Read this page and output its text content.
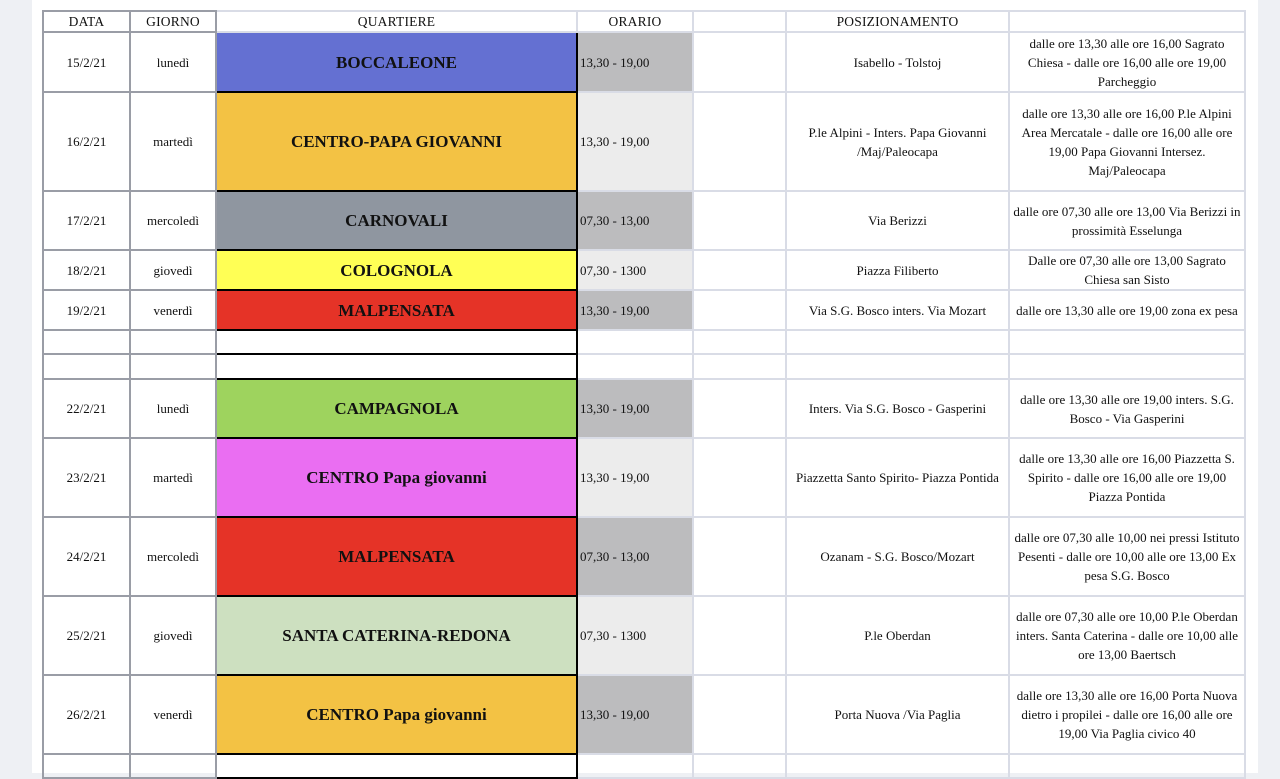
DATA	GIORNO	QUARTIERE	ORARIO		POSIZIONAMENTO	
15/2/21	lunedì	BOCCALEONE	13,30 - 19,00		Isabello - Tolstoj	dalle ore 13,30 alle ore 16,00 Sagrato Chiesa - dalle ore 16,00 alle ore 19,00 Parcheggio
16/2/21	martedì	CENTRO-PAPA GIOVANNI	13,30 - 19,00		P.le Alpini - Inters. Papa Giovanni /Maj/Paleocapa	dalle ore 13,30 alle ore 16,00 P.le Alpini Area Mercatale - dalle ore 16,00 alle ore 19,00 Papa Giovanni Intersez. Maj/Paleocapa
17/2/21	mercoledì	CARNOVALI	07,30 - 13,00		Via Berizzi	dalle ore 07,30 alle ore 13,00 Via Berizzi in prossimità Esselunga
18/2/21	giovedì	COLOGNOLA	07,30 - 1300		Piazza Filiberto	Dalle ore 07,30 alle ore 13,00 Sagrato Chiesa san Sisto
19/2/21	venerdì	MALPENSATA	13,30 - 19,00		Via S.G. Bosco inters. Via Mozart	dalle ore 13,30 alle ore 19,00 zona ex pesa

22/2/21	lunedì	CAMPAGNOLA	13,30 - 19,00		Inters. Via S.G. Bosco - Gasperini	dalle ore 13,30 alle ore 19,00 inters. S.G. Bosco - Via Gasperini
23/2/21	martedì	CENTRO Papa giovanni	13,30 - 19,00		Piazzetta Santo Spirito- Piazza Pontida	dalle ore 13,30 alle ore 16,00 Piazzetta S. Spirito - dalle ore 16,00 alle ore 19,00 Piazza Pontida
24/2/21	mercoledì	MALPENSATA	07,30 - 13,00		Ozanam - S.G. Bosco/Mozart	dalle ore 07,30 alle 10,00 nei pressi Istituto Pesenti - dalle ore 10,00 alle ore 13,00 Ex pesa S.G. Bosco
25/2/21	giovedì	SANTA CATERINA-REDONA	07,30 - 1300		P.le Oberdan	dalle ore 07,30 alle ore 10,00 P.le Oberdan inters. Santa Caterina - dalle ore 10,00 alle ore 13,00 Baertsch
26/2/21	venerdì	CENTRO Papa giovanni	13,30 - 19,00		Porta Nuova /Via Paglia	dalle ore 13,30 alle ore 16,00 Porta Nuova dietro i propilei - dalle ore 16,00 alle ore 19,00 Via Paglia civico 40
